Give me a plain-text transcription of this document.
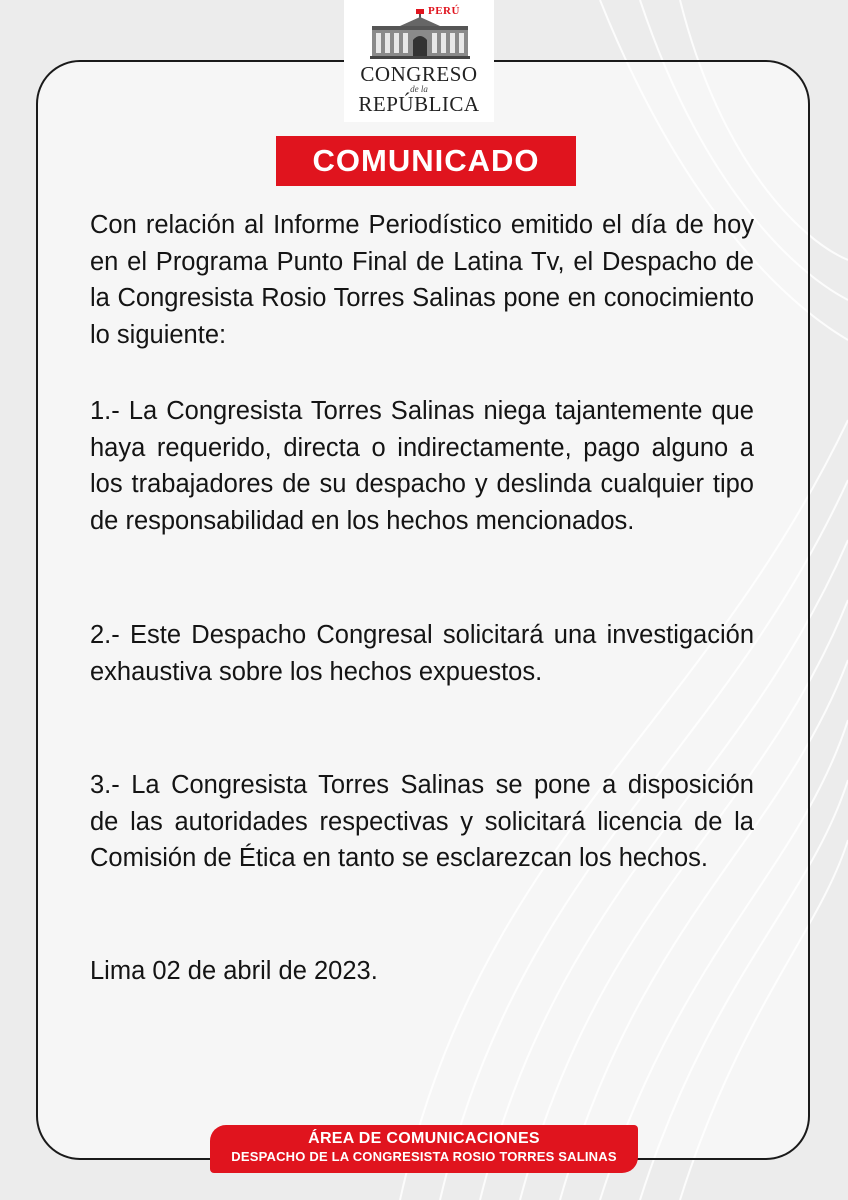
PERÚ
CONGRESO
de la
REPÚBLICA
COMUNICADO

Con relación al Informe Periodístico emitido el día de hoy en el Programa Punto Final de Latina Tv, el Despacho de la Congresista Rosio Torres Salinas pone en conocimiento lo siguiente:

1.- La Congresista Torres Salinas niega tajantemente que haya requerido, directa o indirectamente, pago alguno a los trabajadores de su despacho y deslinda cualquier tipo de responsabilidad en los hechos mencionados.

2.- Este Despacho Congresal solicitará una investigación exhaustiva sobre los hechos expuestos.

3.- La Congresista Torres Salinas se pone a disposición de las autoridades respectivas y solicitará licencia de la Comisión de Ética en tanto se esclarezcan los hechos.

Lima 02 de abril de 2023.

ÁREA DE COMUNICACIONES
DESPACHO DE LA CONGRESISTA ROSIO TORRES SALINAS
